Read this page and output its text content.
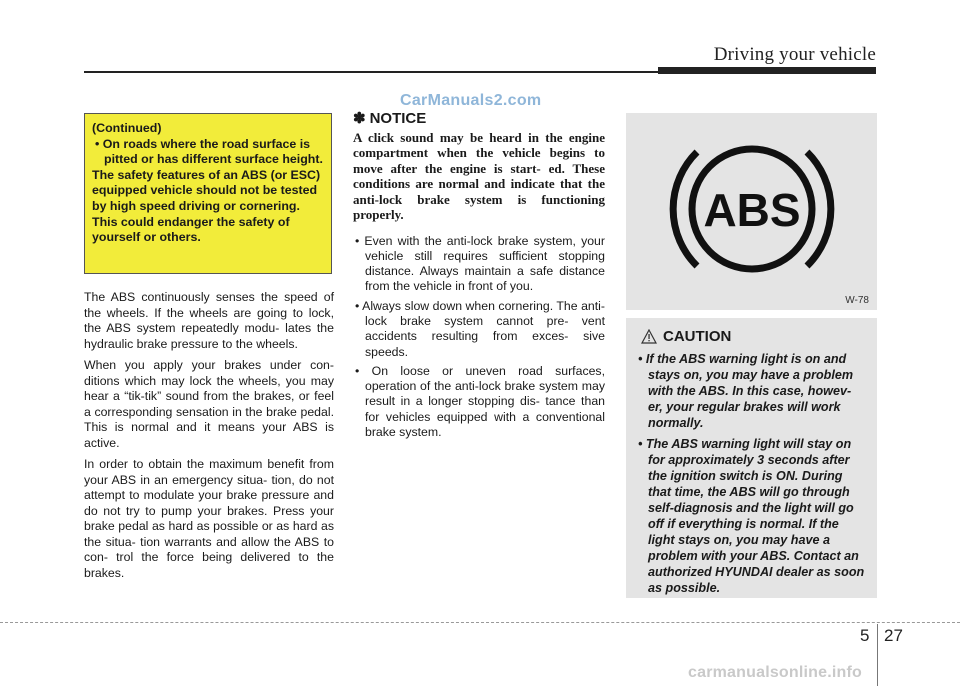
Driving your vehicle
CarManuals2.com

(Continued)

• On roads where the road surface is pitted or has different surface height.

The safety features of an ABS (or ESC) equipped vehicle should not be tested by high speed driving or cornering. This could endanger the safety of yourself or others.

The ABS continuously senses the speed of the wheels. If the wheels are going to lock, the ABS system repeatedly modu- lates the hydraulic brake pressure to the wheels.

When you apply your brakes under con- ditions which may lock the wheels, you may hear a “tik-tik” sound from the brakes, or feel a corresponding sensation in the brake pedal. This is normal and it means your ABS is active.

In order to obtain the maximum benefit from your ABS in an emergency situa- tion, do not attempt to modulate your brake pressure and do not try to pump your brakes. Press your brake pedal as hard as possible or as hard as the situa- tion warrants and allow the ABS to con- trol the force being delivered to the brakes.

✽ NOTICE
A click sound may be heard in the engine compartment when the vehicle begins to move after the engine is start- ed. These conditions are normal and indicate that the anti-lock brake system is functioning properly.
• Even with the anti-lock brake system, your vehicle still requires sufficient stopping distance. Always maintain a safe distance from the vehicle in front of you.
• Always slow down when cornering. The anti-lock brake system cannot pre- vent accidents resulting from exces- sive speeds.
• On loose or uneven road surfaces, operation of the anti-lock brake system may result in a longer stopping dis- tance than for vehicles equipped with a conventional brake system.
ABS
W-78
CAUTION
• If the ABS warning light is on and stays on, you may have a problem with the ABS. In this case, howev- er, your regular brakes will work normally.
• The ABS warning light will stay on for approximately 3 seconds after the ignition switch is ON. During that time, the ABS will go through self-diagnosis and the light will go off if everything is normal. If the light stays on, you may have a problem with your ABS. Contact an authorized HYUNDAI dealer as soon as possible.
5 27
carmanualsonline.info
